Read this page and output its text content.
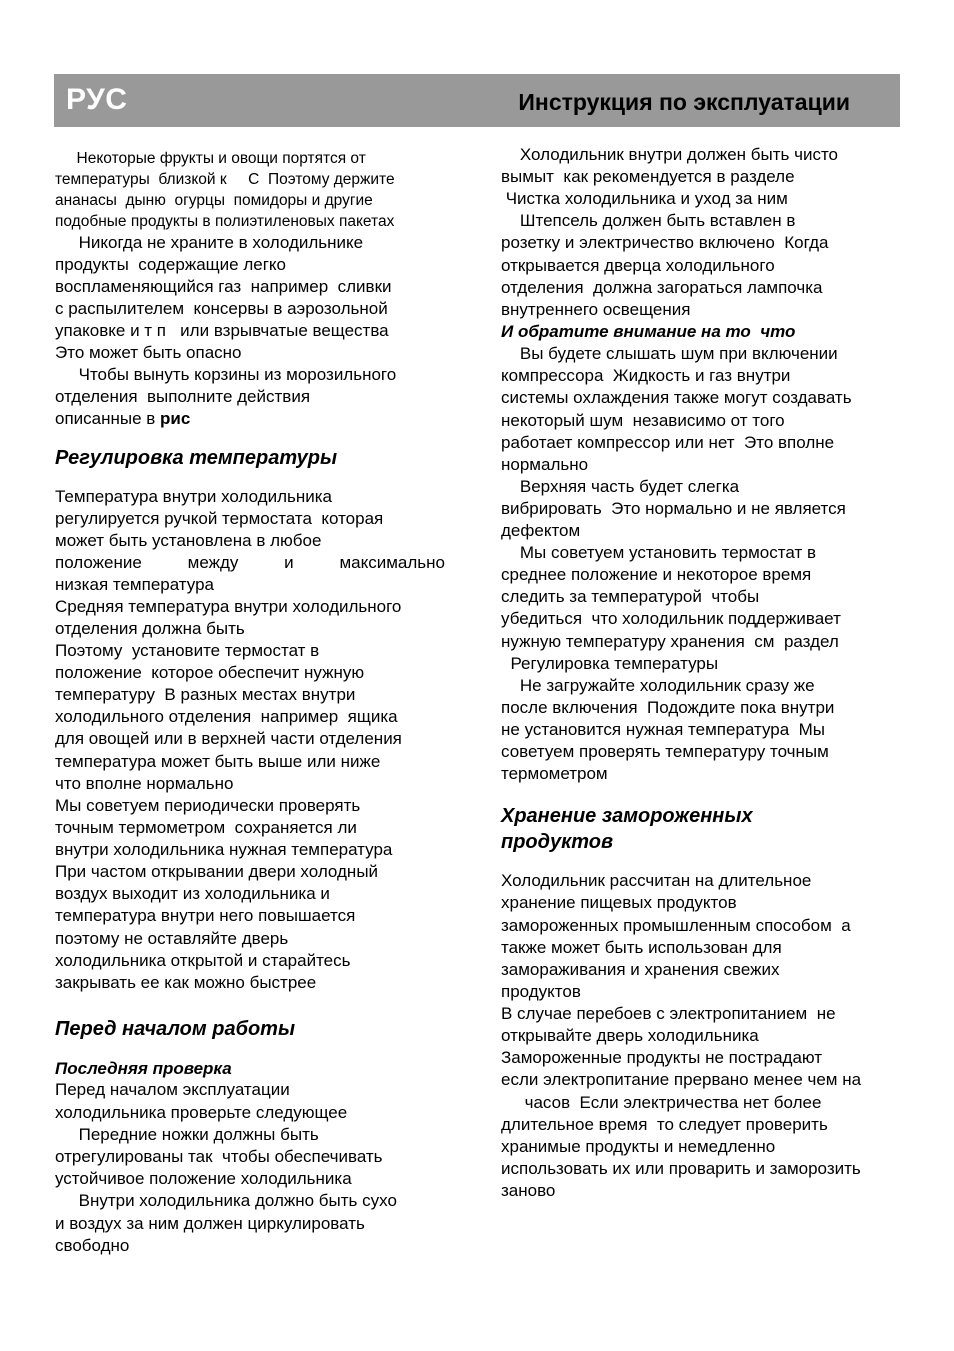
РУС	Инструкция по эксплуатации
Некоторые фрукты и овощи портятся от
температуры  близкой к     С  Поэтому держите
ананасы  дыню  огурцы  помидоры и другие
подобные продукты в полиэтиленовых пакетах
Никогда не храните в холодильнике
продукты  содержащие легко
воспламеняющийся газ  например  сливки
с распылителем  консервы в аэрозольной
упаковке и т п   или взрывчатые вещества
Это может быть опасно
Чтобы вынуть корзины из морозильного
отделения  выполните действия
описанные в рис
Регулировка температуры
Температура внутри холодильника
регулируется ручкой термостата  которая
может быть установлена в любое
положение между и максимально
низкая температура
Средняя температура внутри холодильного
отделения должна быть
Поэтому  установите термостат в
положение  которое обеспечит нужную
температуру  В разных местах внутри
холодильного отделения  например  ящика
для овощей или в верхней части отделения
температура может быть выше или ниже
что вполне нормально
Мы советуем периодически проверять
точным термометром  сохраняется ли
внутри холодильника нужная температура
При частом открывании двери холодный
воздух выходит из холодильника и
температура внутри него повышается
поэтому не оставляйте дверь
холодильника открытой и старайтесь
закрывать ее как можно быстрее
Перед началом работы
Последняя проверка
Перед началом эксплуатации
холодильника проверьте следующее
Передние ножки должны быть
отрегулированы так  чтобы обеспечивать
устойчивое положение холодильника
Внутри холодильника должно быть сухо
и воздух за ним должен циркулировать
свободно
Холодильник внутри должен быть чисто
вымыт  как рекомендуется в разделе
Чистка холодильника и уход за ним
Штепсель должен быть вставлен в
розетку и электричество включено  Когда
открывается дверца холодильного
отделения  должна загораться лампочка
внутреннего освещения
И обратите внимание на то  что
Вы будете слышать шум при включении
компрессора  Жидкость и газ внутри
системы охлаждения также могут создавать
некоторый шум  независимо от того
работает компрессор или нет  Это вполне
нормально
Верхняя часть будет слегка
вибрировать  Это нормально и не является
дефектом
Мы советуем установить термостат в
среднее положение и некоторое время
следить за температурой  чтобы
убедиться  что холодильник поддерживает
нужную температуру хранения  см  раздел
Регулировка температуры
Не загружайте холодильник сразу же
после включения  Подождите пока внутри
не установится нужная температура  Мы
советуем проверять температуру точным
термометром
Хранение замороженных
продуктов
Холодильник рассчитан на длительное
хранение пищевых продуктов
замороженных промышленным способом  а
также может быть использован для
замораживания и хранения свежих
продуктов
В случае перебоев с электропитанием  не
открывайте дверь холодильника
Замороженные продукты не пострадают
если электропитание прервано менее чем на
часов  Если электричества нет более
длительное время  то следует проверить
хранимые продукты и немедленно
использовать их или проварить и заморозить
заново
